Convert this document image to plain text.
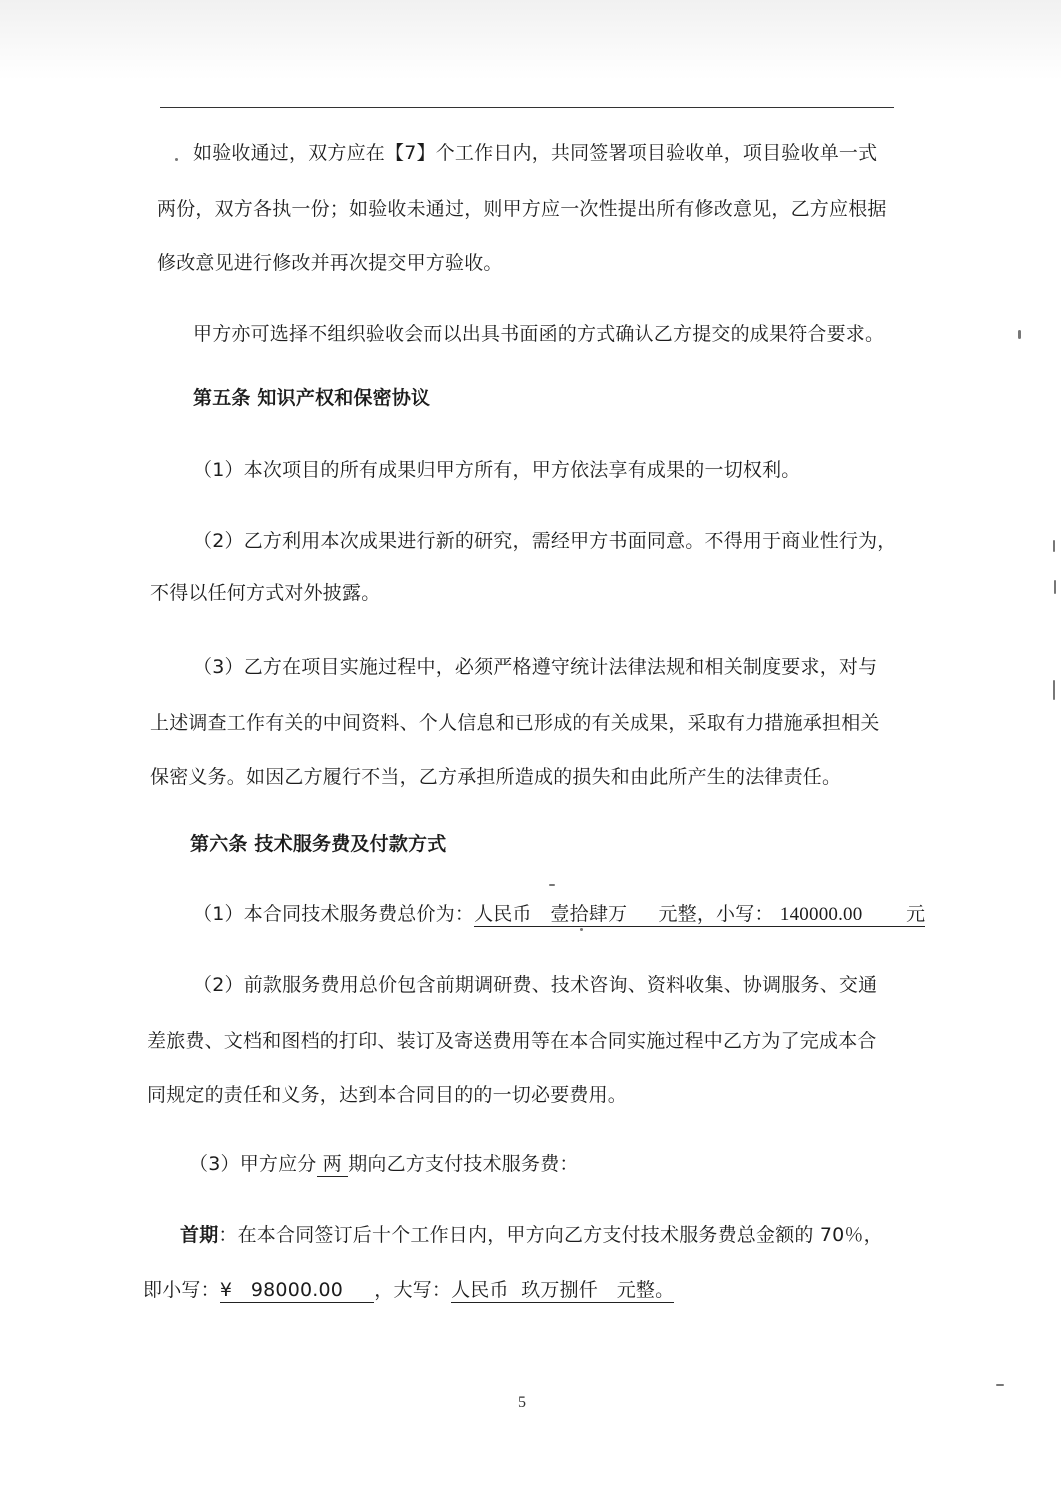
如验收通过，双方应在【7】个工作日内，共同签署项目验收单，项目验收单一式
两份，双方各执一份；如验收未通过，则甲方应一次性提出所有修改意见，乙方应根据
修改意见进行修改并再次提交甲方验收。
甲方亦可选择不组织验收会而以出具书面函的方式确认乙方提交的成果符合要求。
第五条 知识产权和保密协议
（1）本次项目的所有成果归甲方所有，甲方依法享有成果的一切权利。
（2）乙方利用本次成果进行新的研究，需经甲方书面同意。不得用于商业性行为，
不得以任何方式对外披露。
（3）乙方在项目实施过程中，必须严格遵守统计法律法规和相关制度要求，对与
上述调查工作有关的中间资料、个人信息和已形成的有关成果，采取有力措施承担相关
保密义务。如因乙方履行不当，乙方承担所造成的损失和由此所产生的法律责任。
第六条 技术服务费及付款方式
（1）本合同技术服务费总价为：人民币 壹拾肆万 元整，小写： 140000.00 元
（2）前款服务费用总价包含前期调研费、技术咨询、资料收集、协调服务、交通
差旅费、文档和图档的打印、装订及寄送费用等在本合同实施过程中乙方为了完成本合
同规定的责任和义务，达到本合同目的的一切必要费用。
（3）甲方应分 两 期向乙方支付技术服务费：
首期：在本合同签订后十个工作日内，甲方向乙方支付技术服务费总金额的 70％，
即小写：¥ 98000.00 ，大写：人民币 玖万捌仟 元整。
5
